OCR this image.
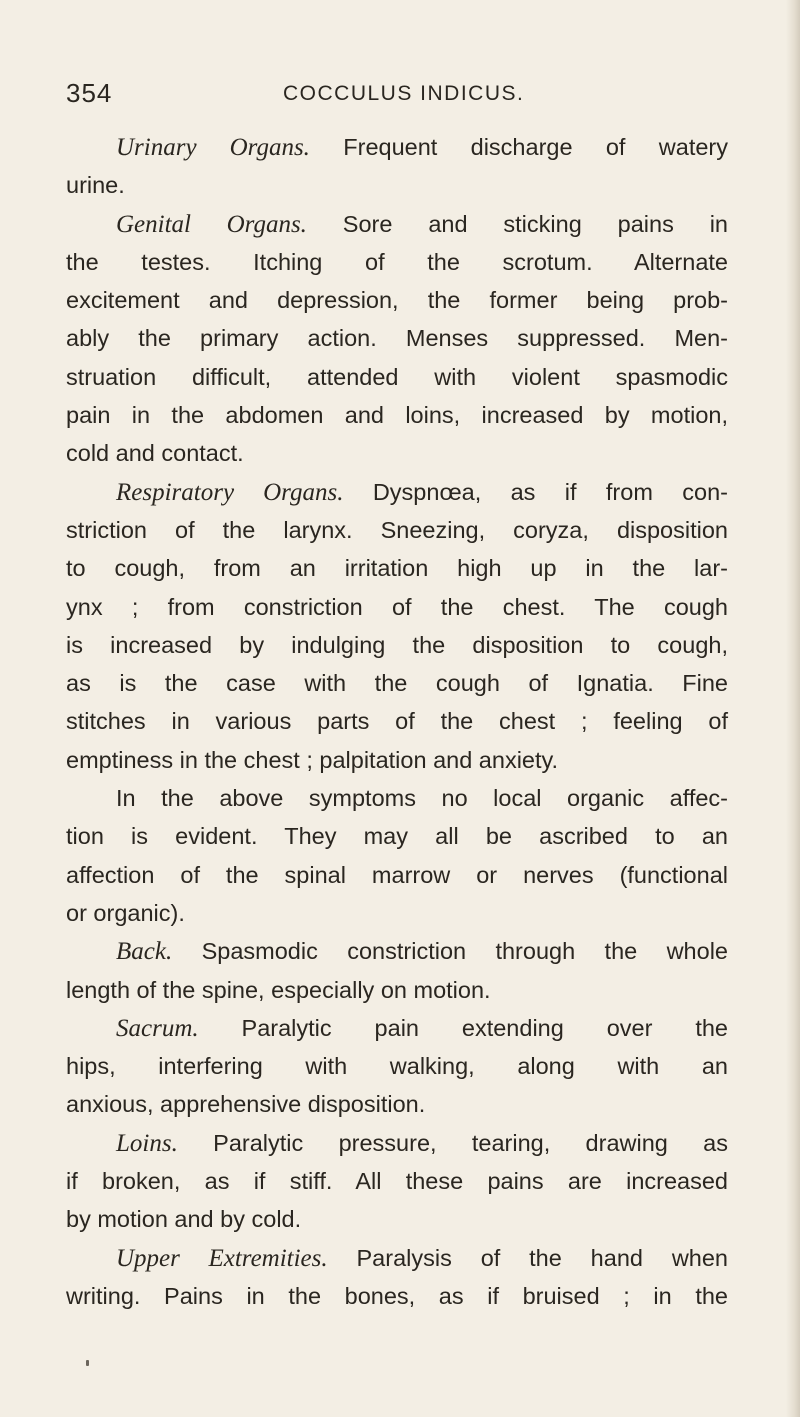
354	COCCULUS INDICUS.
Urinary Organs. Frequent discharge of watery
urine.
Genital Organs. Sore and sticking pains in
the testes. Itching of the scrotum. Alternate
excitement and depression, the former being prob-
ably the primary action. Menses suppressed. Men-
struation difficult, attended with violent spasmodic
pain in the abdomen and loins, increased by motion,
cold and contact.
Respiratory Organs. Dyspnœa, as if from con-
striction of the larynx. Sneezing, coryza, disposition
to cough, from an irritation high up in the lar-
ynx ; from constriction of the chest. The cough
is increased by indulging the disposition to cough,
as is the case with the cough of Ignatia. Fine
stitches in various parts of the chest ; feeling of
emptiness in the chest ; palpitation and anxiety.
In the above symptoms no local organic affec-
tion is evident. They may all be ascribed to an
affection of the spinal marrow or nerves (functional
or organic).
Back. Spasmodic constriction through the whole
length of the spine, especially on motion.
Sacrum. Paralytic pain extending over the
hips, interfering with walking, along with an
anxious, apprehensive disposition.
Loins. Paralytic pressure, tearing, drawing as
if broken, as if stiff. All these pains are increased
by motion and by cold.
Upper Extremities. Paralysis of the hand when
writing. Pains in the bones, as if bruised ; in the
